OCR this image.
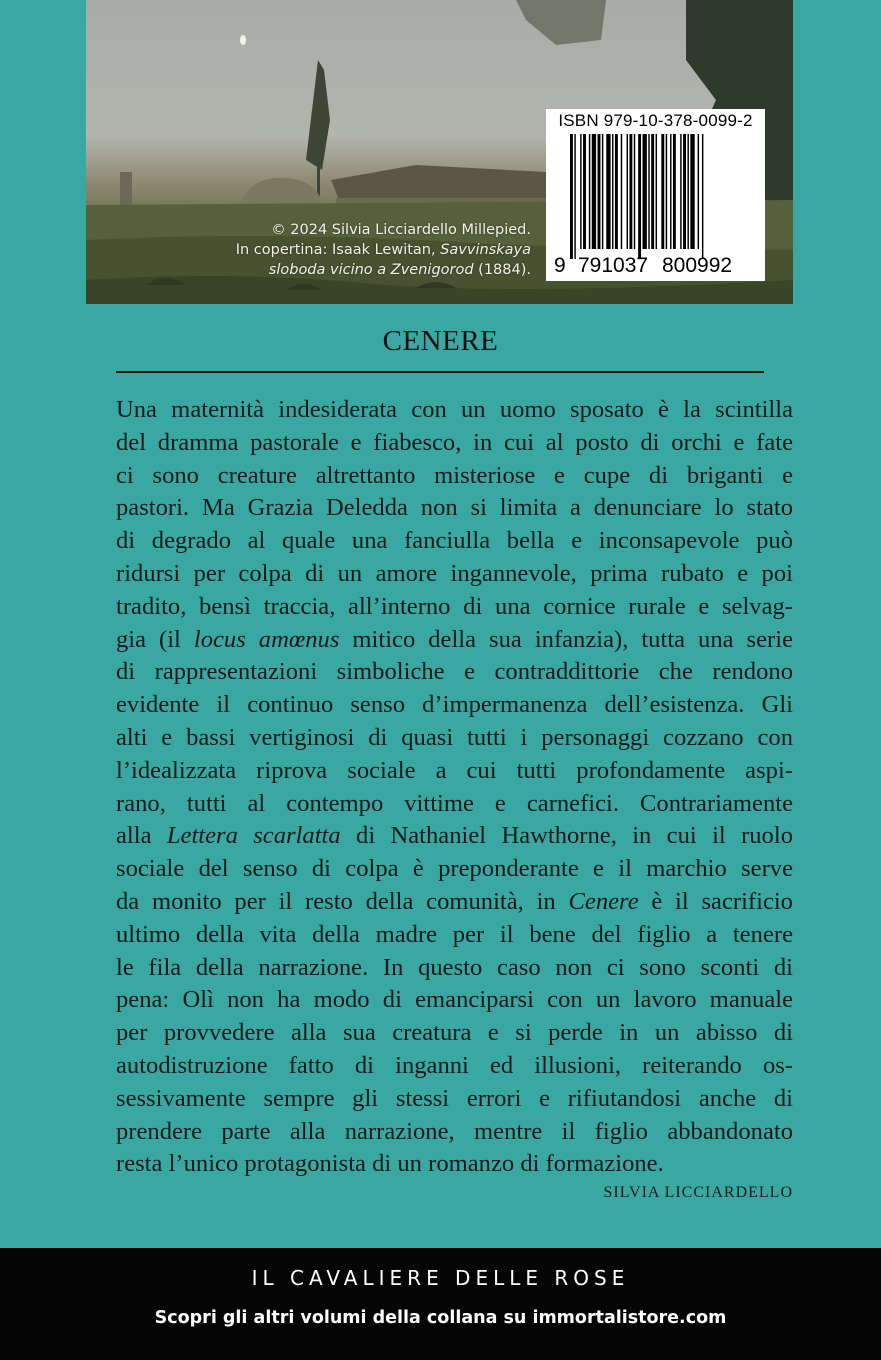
© 2024 Silvia Licciardello Millepied.
In copertina: Isaak Lewitan, Savvinskaya
sloboda vicino a Zvenigorod (1884).
ISBN 979-10-378-0099-2
9 791037 800992
CENERE
Una maternità indesiderata con un uomo sposato è la scintilla
del dramma pastorale e fiabesco, in cui al posto di orchi e fate
ci sono creature altrettanto misteriose e cupe di briganti e
pastori. Ma Grazia Deledda non si limita a denunciare lo stato
di degrado al quale una fanciulla bella e inconsapevole può
ridursi per colpa di un amore ingannevole, prima rubato e poi
tradito, bensì traccia, all’interno di una cornice rurale e selvag-
gia (il locus amœnus mitico della sua infanzia), tutta una serie
di rappresentazioni simboliche e contraddittorie che rendono
evidente il continuo senso d’impermanenza dell’esistenza. Gli
alti e bassi vertiginosi di quasi tutti i personaggi cozzano con
l’idealizzata riprova sociale a cui tutti profondamente aspi-
rano, tutti al contempo vittime e carnefici. Contrariamente
alla Lettera scarlatta di Nathaniel Hawthorne, in cui il ruolo
sociale del senso di colpa è preponderante e il marchio serve
da monito per il resto della comunità, in Cenere è il sacrificio
ultimo della vita della madre per il bene del figlio a tenere
le fila della narrazione. In questo caso non ci sono sconti di
pena: Olì non ha modo di emanciparsi con un lavoro manuale
per provvedere alla sua creatura e si perde in un abisso di
autodistruzione fatto di inganni ed illusioni, reiterando os-
sessivamente sempre gli stessi errori e rifiutandosi anche di
prendere parte alla narrazione, mentre il figlio abbandonato
resta l’unico protagonista di un romanzo di formazione.
SILVIA LICCIARDELLO
IL CAVALIERE DELLE ROSE
Scopri gli altri volumi della collana su immortalistore.com
